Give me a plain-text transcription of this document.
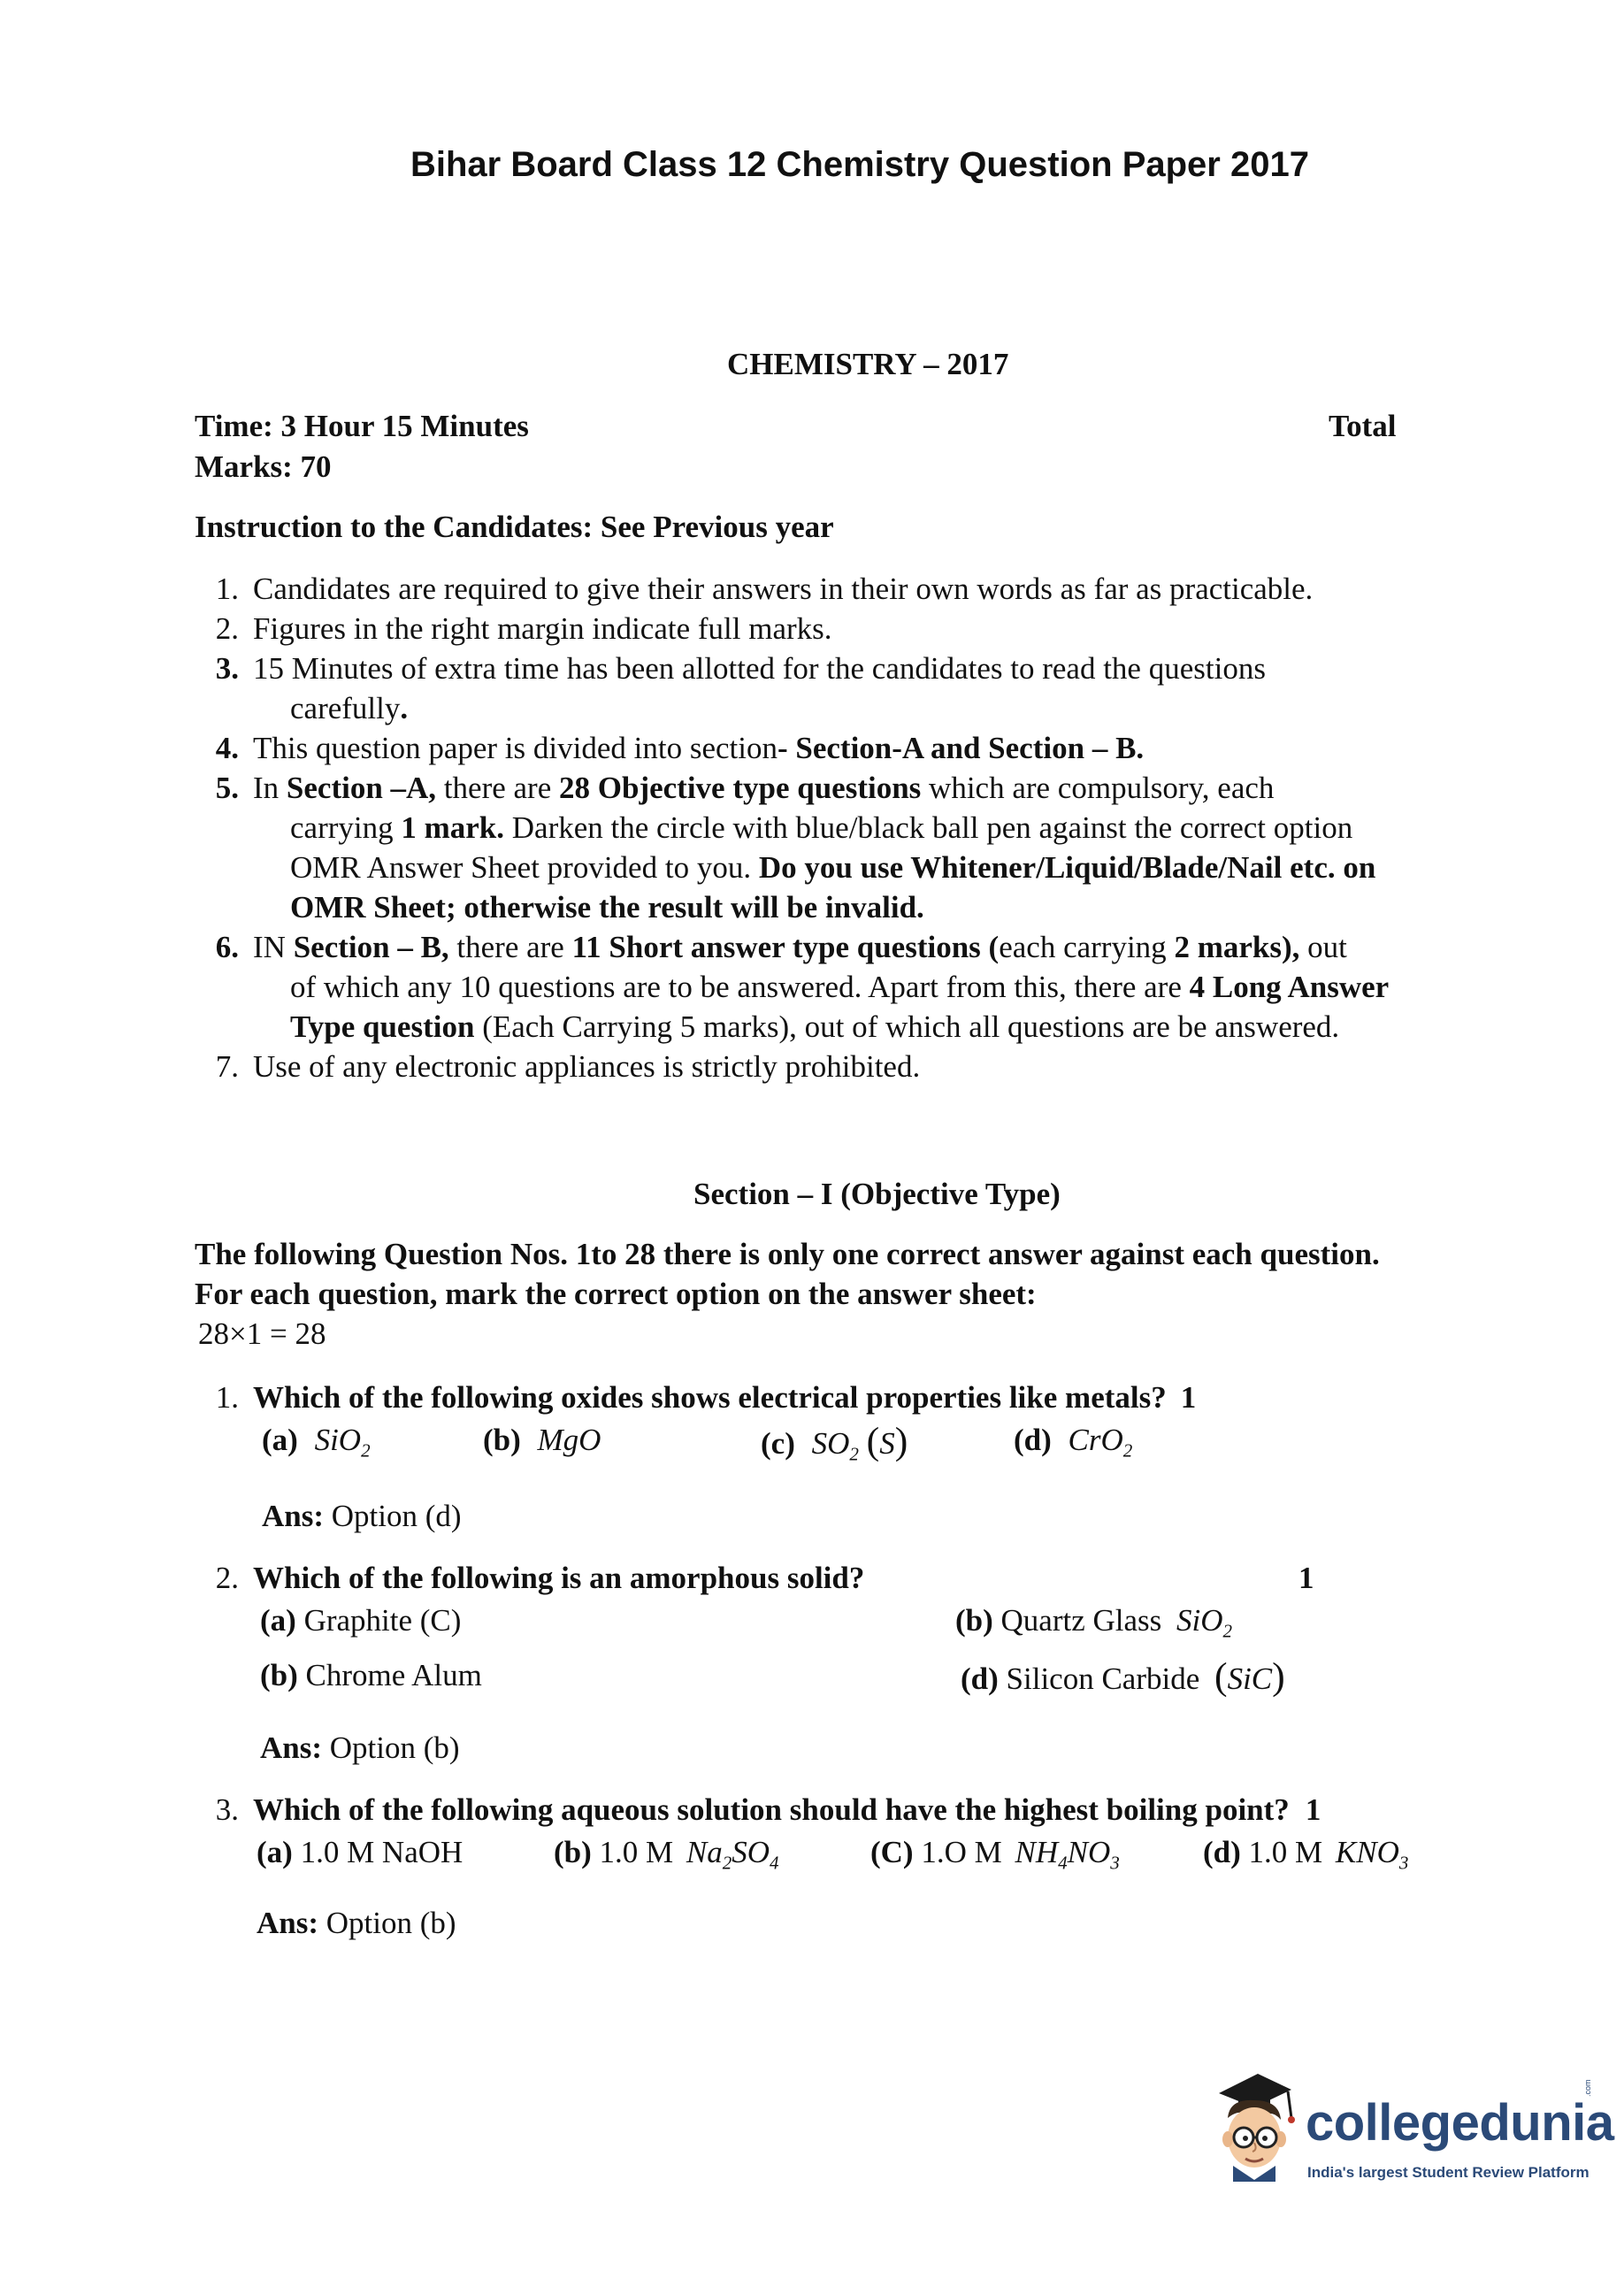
Bihar Board Class 12 Chemistry Question Paper 2017
CHEMISTRY – 2017
Time: 3 Hour 15 Minutes	Total
Marks: 70
Instruction to the Candidates: See Previous year
1. Candidates are required to give their answers in their own words as far as practicable.
2. Figures in the right margin indicate full marks.
3. 15 Minutes of extra time has been allotted for the candidates to read the questions
carefully.
4. This question paper is divided into section- Section-A and Section – B.
5. In Section –A, there are 28 Objective type questions which are compulsory, each
carrying 1 mark. Darken the circle with blue/black ball pen against the correct option
OMR Answer Sheet provided to you. Do you use Whitener/Liquid/Blade/Nail etc. on
OMR Sheet; otherwise the result will be invalid.
6. IN Section – B, there are 11 Short answer type questions (each carrying 2 marks), out
of which any 10 questions are to be answered. Apart from this, there are 4 Long Answer
Type question (Each Carrying 5 marks), out of which all questions are be answered.
7. Use of any electronic appliances is strictly prohibited.
Section – I (Objective Type)
The following Question Nos. 1to 28 there is only one correct answer against each question.
For each question, mark the correct option on the answer sheet:
28×1 = 28
1. Which of the following oxides shows electrical properties like metals? 1
(a) SiO$_2$	(b) MgO	(c) $SO_2$ (S)	(d) CrO$_2$
Ans: Option (d)
2. Which of the following is an amorphous solid?	1
(a) Graphite (C)	(b) Quartz Glass SiO$_2$
(b) Chrome Alum	(d) Silicon Carbide (SiC)
Ans: Option (b)
3. Which of the following aqueous solution should have the highest boiling point? 1
(a) 1.0 M NaOH	(b) 1.0 M $Na_2SO_4$	(C) 1.O M $NH_4NO_3$	(d) 1.0 M $KNO_3$
Ans: Option (b)
collegedunia
.com
India's largest Student Review Platform
